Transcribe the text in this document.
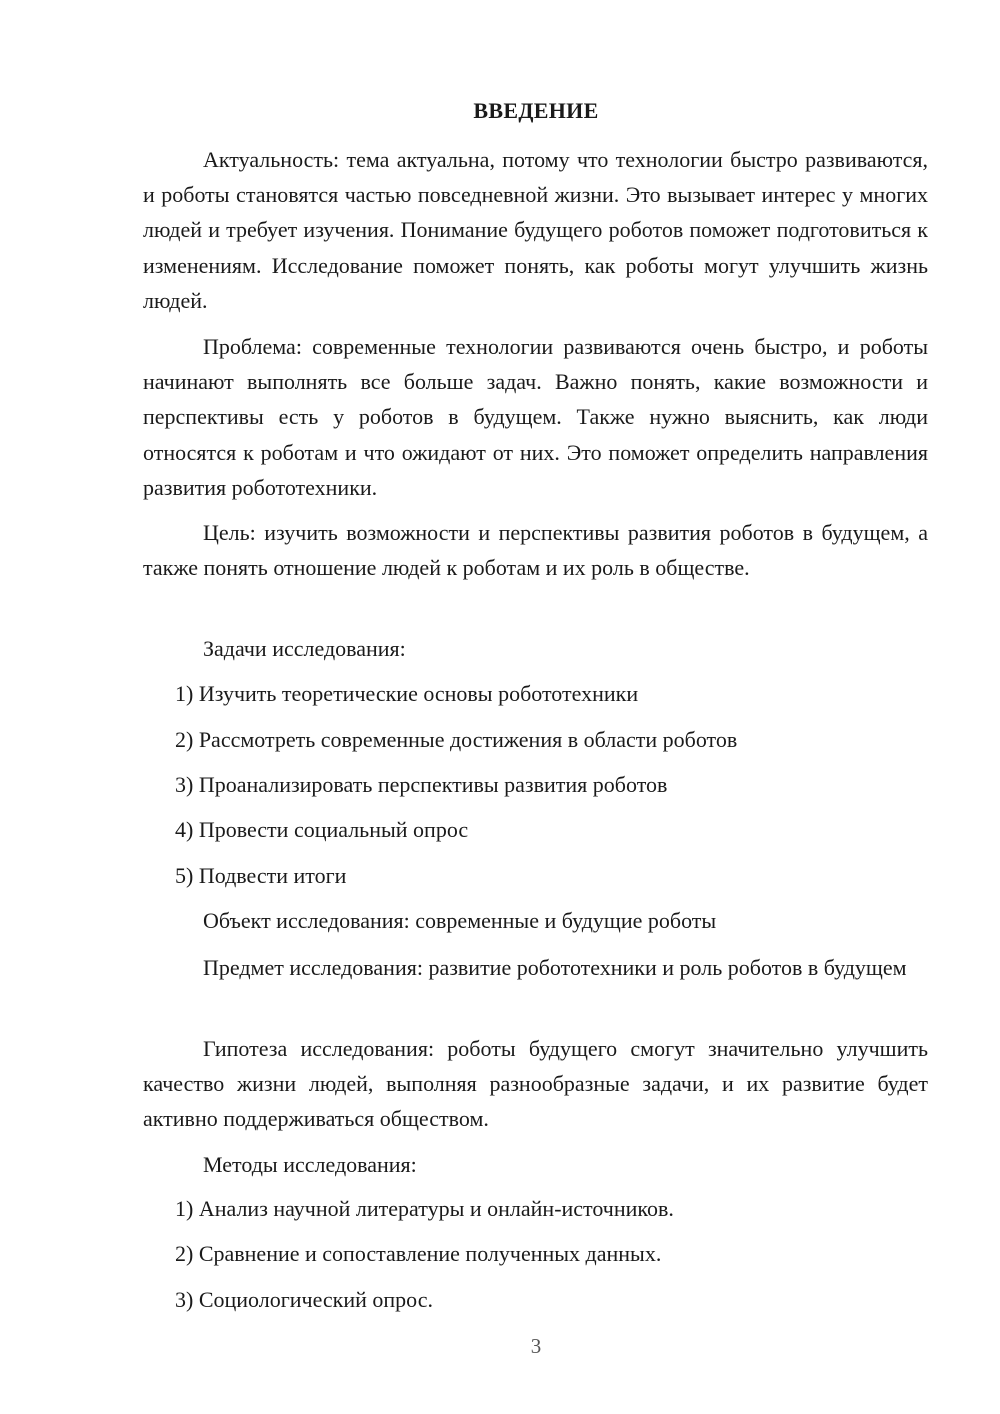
ВВЕДЕНИЕ

Актуальность: тема актуальна, потому что технологии быстро развиваются, и роботы становятся частью повседневной жизни. Это вызывает интерес у многих людей и требует изучения. Понимание будущего роботов поможет подготовиться к изменениям. Исследование поможет понять, как роботы могут улучшить жизнь людей.

Проблема: современные технологии развиваются очень быстро, и роботы начинают выполнять все больше задач. Важно понять, какие возможности и перспективы есть у роботов в будущем. Также нужно выяснить, как люди относятся к роботам и что ожидают от них. Это поможет определить направления развития робототехники.

Цель: изучить возможности и перспективы развития роботов в будущем, а также понять отношение людей к роботам и их роль в обществе.

Задачи исследования:
1) Изучить теоретические основы робототехники
2) Рассмотреть современные достижения в области роботов
3) Проанализировать перспективы развития роботов
4) Провести социальный опрос
5) Подвести итоги
Объект исследования: современные и будущие роботы

Предмет исследования: развитие робототехники и роль роботов в будущем

Гипотеза исследования: роботы будущего смогут значительно улучшить качество жизни людей, выполняя разнообразные задачи, и их развитие будет активно поддерживаться обществом.

Методы исследования:
1) Анализ научной литературы и онлайн-источников.
2) Сравнение и сопоставление полученных данных.
3) Социологический опрос.
3
